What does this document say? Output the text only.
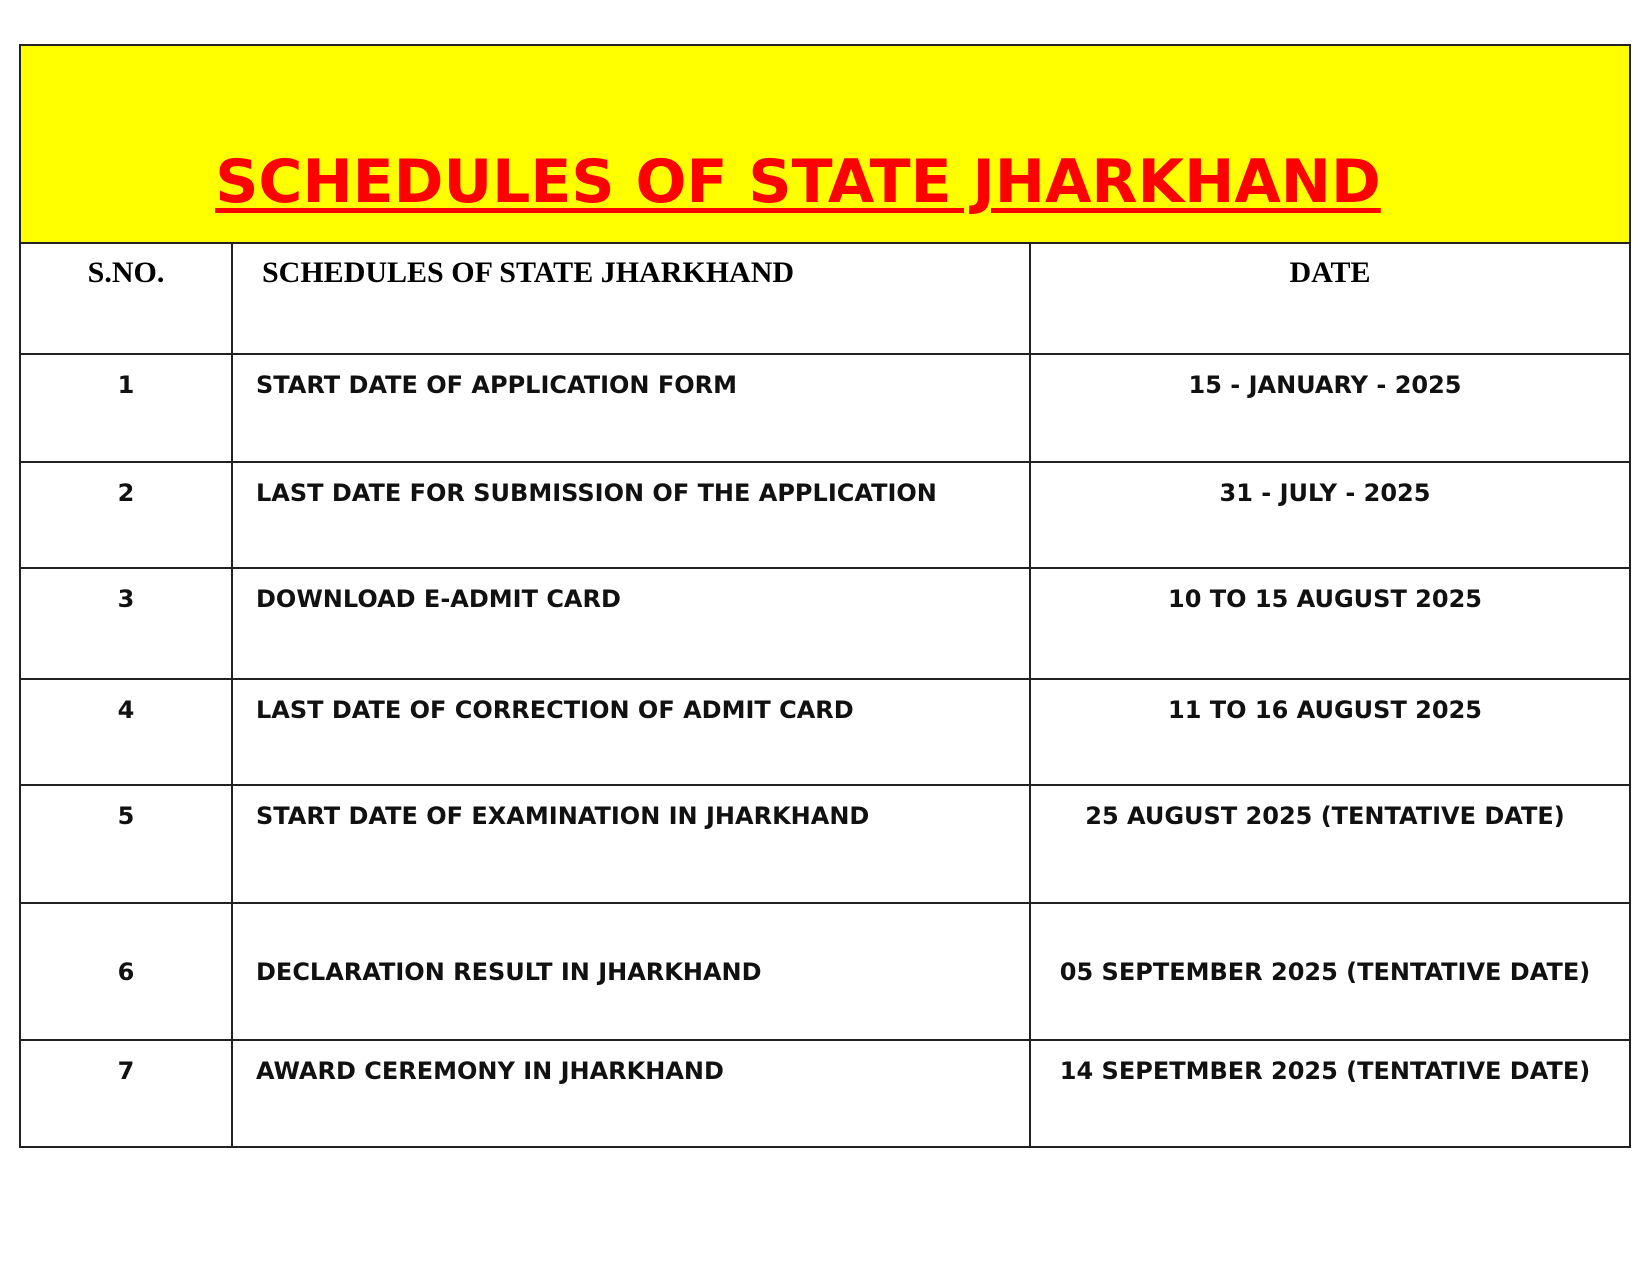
SCHEDULES OF STATE JHARKHAND
S.NO.	SCHEDULES OF STATE JHARKHAND	DATE
1	START DATE OF APPLICATION FORM	15 - JANUARY - 2025
2	LAST DATE FOR SUBMISSION OF THE APPLICATION	31 - JULY - 2025
3	DOWNLOAD E-ADMIT CARD	10 TO 15 AUGUST 2025
4	LAST DATE OF CORRECTION OF ADMIT CARD	11 TO 16 AUGUST 2025
5	START DATE OF EXAMINATION IN JHARKHAND	25 AUGUST 2025 (TENTATIVE DATE)
6	DECLARATION RESULT IN JHARKHAND	05 SEPTEMBER 2025 (TENTATIVE DATE)
7	AWARD CEREMONY IN JHARKHAND	14 SEPETMBER 2025 (TENTATIVE DATE)
